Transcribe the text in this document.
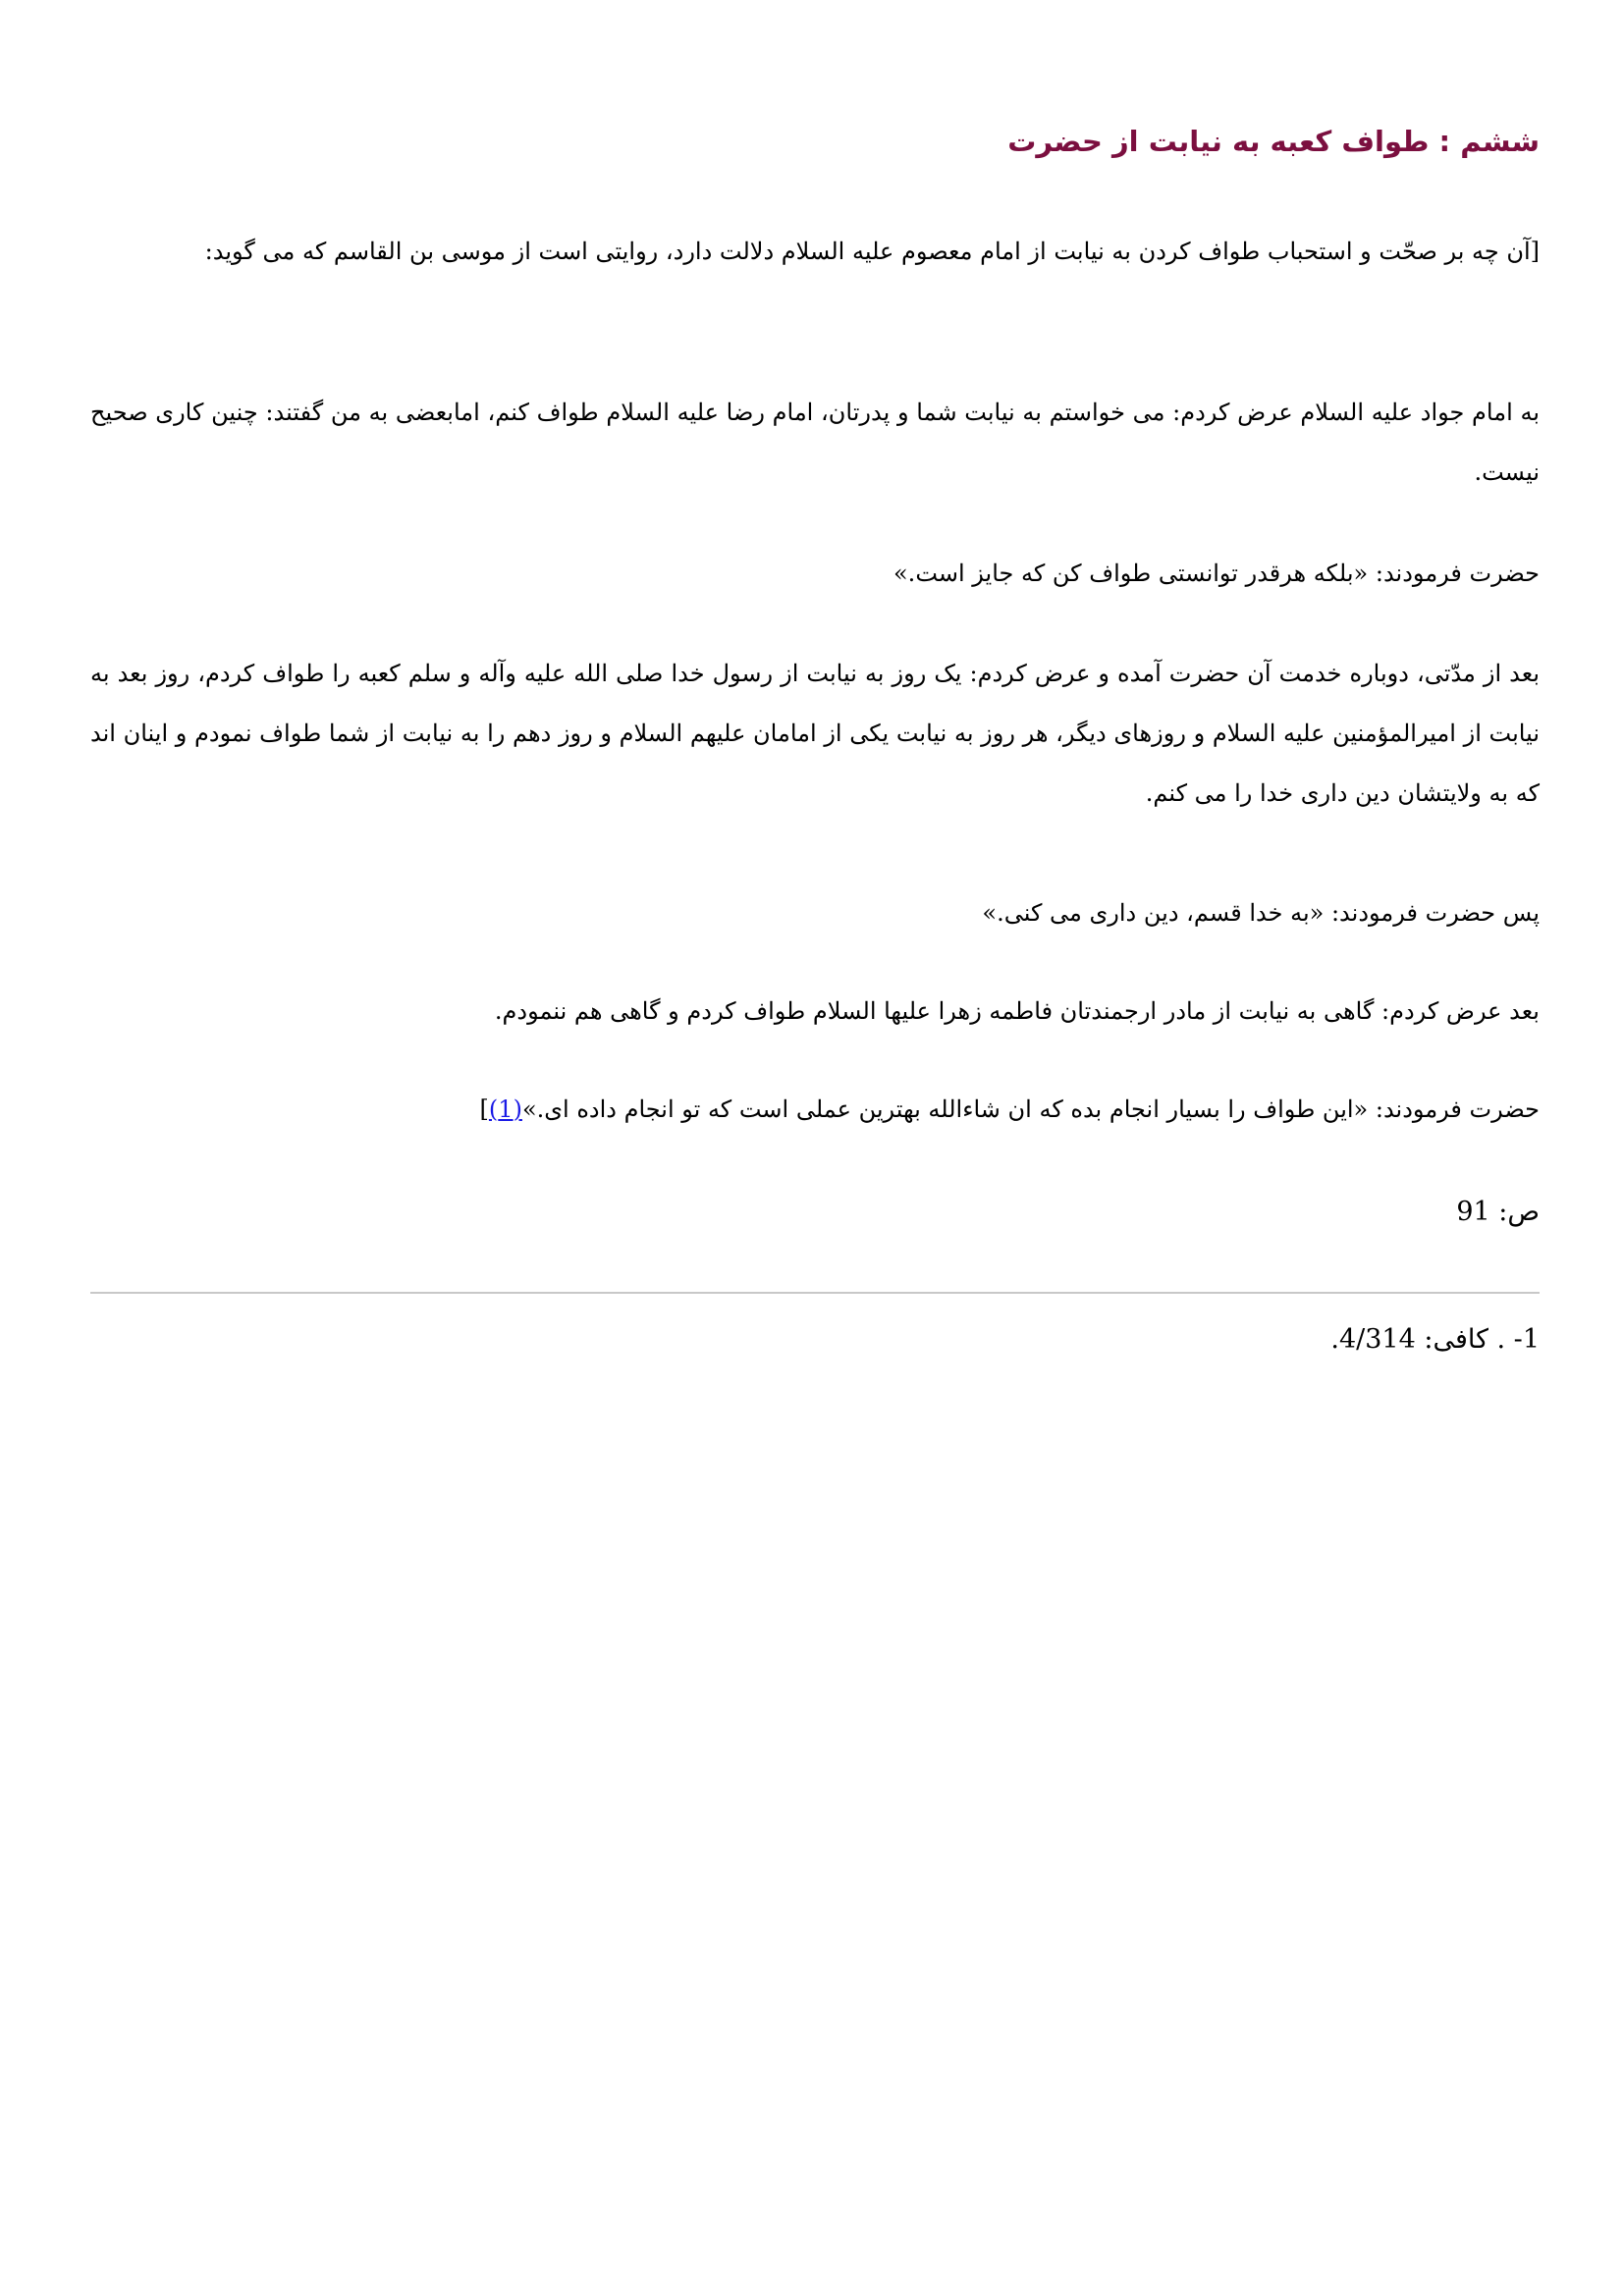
ششم : طواف کعبه به نیابت از حضرت

[آن چه بر صحّت و استحباب طواف کردن به نیابت از امام معصوم علیه السلام دلالت دارد، روایتی است از موسی بن القاسم که می گوید:

به امام جواد علیه السلام عرض کردم: می خواستم به نیابت شما و پدرتان، امام رضا علیه السلام طواف کنم، امابعضی به من گفتند: چنین کاری صحیح نیست.

حضرت فرمودند: «بلکه هرقدر توانستی طواف کن که جایز است.»

بعد از مدّتی، دوباره خدمت آن حضرت آمده و عرض کردم: یک روز به نیابت از رسول خدا صلی الله علیه وآله و سلم کعبه را طواف کردم، روز بعد به نیابت از امیرالمؤمنین علیه السلام و روزهای دیگر، هر روز به نیابت یکی از امامان علیهم السلام و روز دهم را به نیابت از شما طواف نمودم و اینان اند که به ولایتشان دین داری خدا را می کنم.

پس حضرت فرمودند: «به خدا قسم، دین داری می کنی.»

بعد عرض کردم: گاهی به نیابت از مادر ارجمندتان فاطمه زهرا علیها السلام طواف کردم و گاهی هم ننمودم.

حضرت فرمودند: «این طواف را بسیار انجام بده که ان شاءالله بهترین عملی است که تو انجام داده ای.»(1)]

ص: 91

1- . کافی: 4/314.
